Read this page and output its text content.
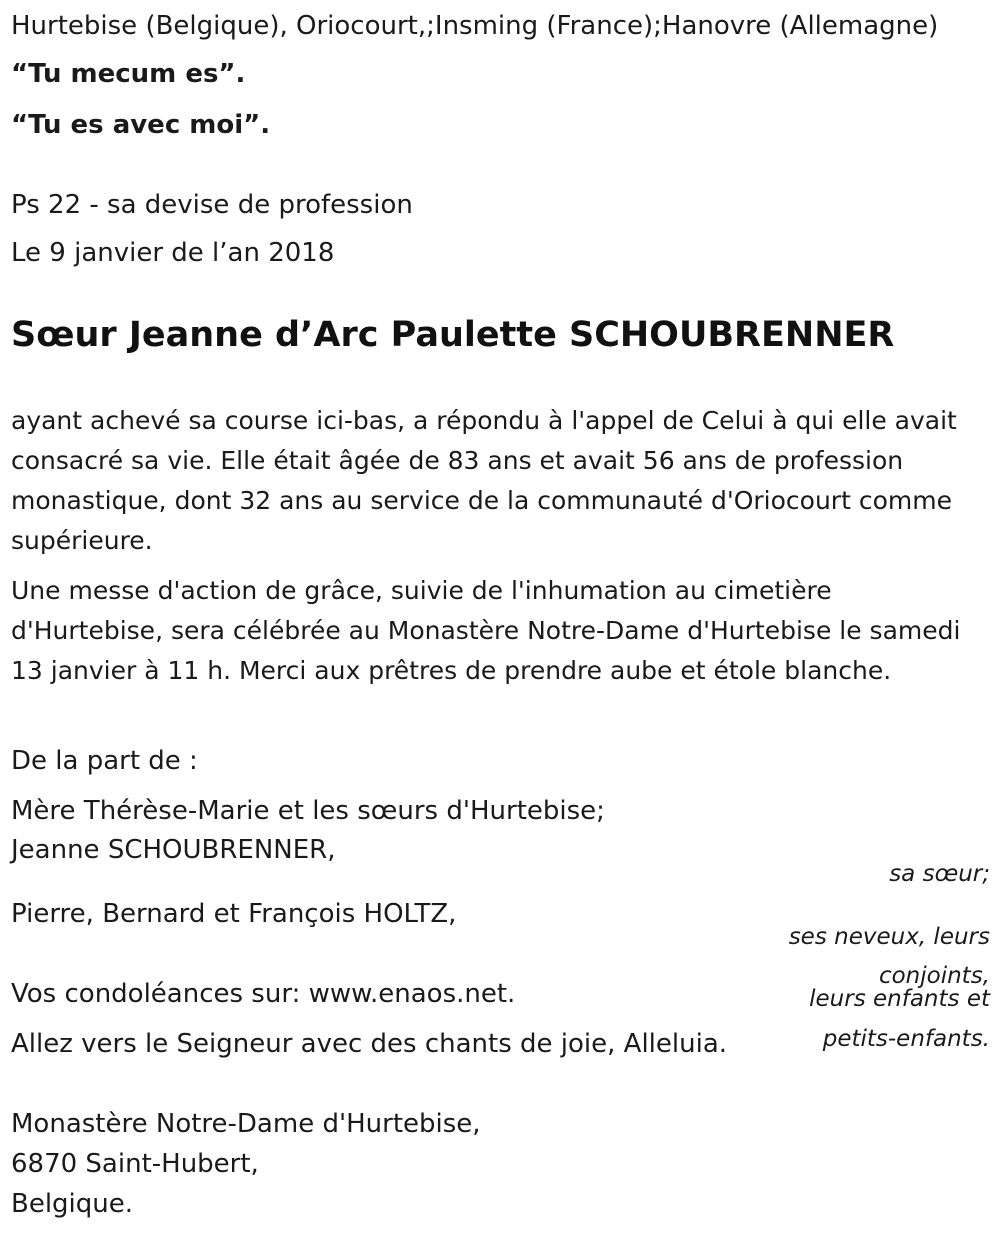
Hurtebise (Belgique), Oriocourt,;Insming (France);Hanovre (Allemagne)
“Tu mecum es”.
“Tu es avec moi”.
Ps 22 - sa devise de profession
Le 9 janvier de l’an 2018
Sœur Jeanne d’Arc Paulette SCHOUBRENNER
ayant achevé sa course ici-bas, a répondu à l'appel de Celui à qui elle avait consacré sa vie. Elle était âgée de 83 ans et avait 56 ans de profession monastique, dont 32 ans au service de la communauté d'Oriocourt comme supérieure.
Une messe d'action de grâce, suivie de l'inhumation au cimetière d'Hurtebise, sera célébrée au Monastère Notre-Dame d'Hurtebise le samedi 13 janvier à 11 h. Merci aux prêtres de prendre aube et étole blanche.
De la part de :
Mère Thérèse-Marie et les sœurs d'Hurtebise;
Jeanne SCHOUBRENNER,
sa sœur;
Pierre, Bernard et François HOLTZ,
ses neveux, leurs
conjoints,
leurs enfants et
petits-enfants.
Vos condoléances sur: www.enaos.net.
Allez vers le Seigneur avec des chants de joie, Alleluia.
Monastère Notre-Dame d'Hurtebise,
6870 Saint-Hubert,
Belgique.
